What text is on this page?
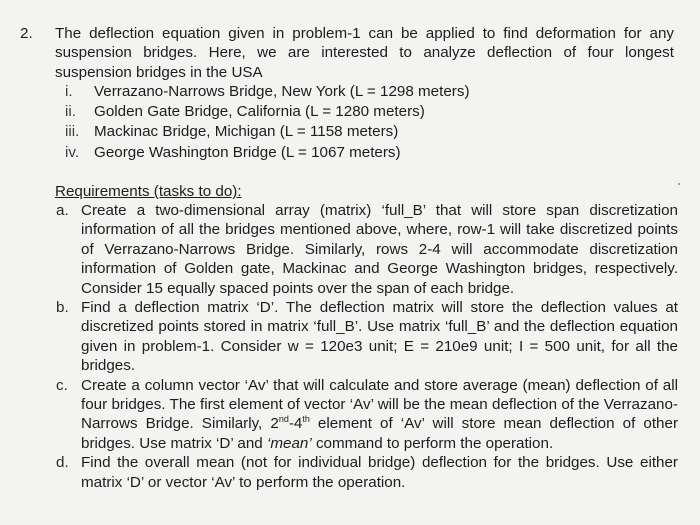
2. The deflection equation given in problem-1 can be applied to find deformation for any suspension bridges. Here, we are interested to analyze deflection of four longest suspension bridges in the USA
i. Verrazano-Narrows Bridge, New York (L = 1298 meters)
ii. Golden Gate Bridge, California (L = 1280 meters)
iii. Mackinac Bridge, Michigan (L = 1158 meters)
iv. George Washington Bridge (L = 1067 meters)
Requirements (tasks to do):
a. Create a two-dimensional array (matrix) ‘full_B’ that will store span discretization information of all the bridges mentioned above, where, row-1 will take discretized points of Verrazano-Narrows Bridge. Similarly, rows 2-4 will accommodate discretization information of Golden gate, Mackinac and George Washington bridges, respectively. Consider 15 equally spaced points over the span of each bridge.
b. Find a deflection matrix ‘D’. The deflection matrix will store the deflection values at discretized points stored in matrix ‘full_B’. Use matrix ‘full_B’ and the deflection equation given in problem-1. Consider w = 120e3 unit; E = 210e9 unit; I = 500 unit, for all the bridges.
c. Create a column vector ‘Av’ that will calculate and store average (mean) deflection of all four bridges. The first element of vector ‘Av’ will be the mean deflection of the Verrazano-Narrows Bridge. Similarly, 2nd-4th element of ‘Av’ will store mean deflection of other bridges. Use matrix ‘D’ and ‘mean’ command to perform the operation.
d. Find the overall mean (not for individual bridge) deflection for the bridges. Use either matrix ‘D’ or vector ‘Av’ to perform the operation.
